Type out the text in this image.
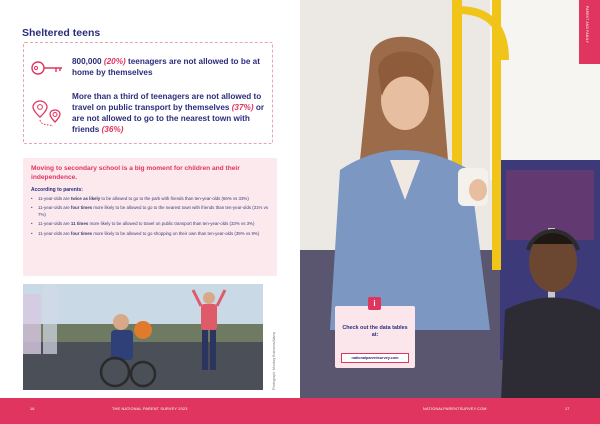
Sheltered teens
800,000 (20%) teenagers are not allowed to be at home by themselves
More than a third of teenagers are not allowed to travel on public transport by themselves (37%) or are not allowed to go to the nearest town with friends (36%)
Moving to secondary school is a big moment for children and their independence.
According to parents:
• 11-year-olds are twice as likely to be allowed to go to the park with friends than ten-year-olds (66% vs 33%)
• 11-year-olds are four times more likely to be allowed to go to the nearest town with friends than ten-year-olds (31% vs 7%)
• 11-year-olds are 11 times more likely to be allowed to travel on public transport than ten-year-olds (33% vs 3%)
• 11-year-olds are four times more likely to be allowed to go shopping on their own than ten-year-olds (39% vs 9%)
Photograph: Monkey Business/Alamy
PARENT AND FAMILY
i
Check out the data tables at:
nationalparentsurvey.com
16	THE NATIONAL PARENT SURVEY 2023	NATIONALPARENTSURVEY.COM	17
